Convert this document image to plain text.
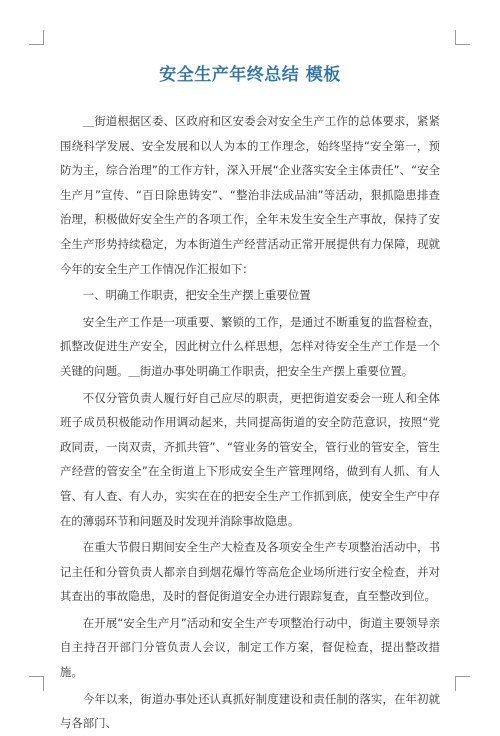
安全生产年终总结 模板

＿街道根据区委、区政府和区安委会对安全生产工作的总体要求，紧紧围绕科学发展、安全发展和以人为本的工作理念，始终坚持“安全第一，预防为主，综合治理”的工作方针，深入开展“企业落实安全主体责任”、“安全生产月”宣传、“百日除患铸安”、“整治非法成品油”等活动，狠抓隐患排查治理，积极做好安全生产的各项工作，全年未发生安全生产事故，保持了安全生产形势持续稳定，为本街道生产经营活动正常开展提供有力保障，现就今年的安全生产工作情况作汇报如下：

一、明确工作职责，把安全生产摆上重要位置

安全生产工作是一项重要、繁锁的工作，是通过不断重复的监督检查，抓整改促进生产安全，因此树立什么样思想，怎样对待安全生产工作是一个关键的问题。＿街道办事处明确工作职责，把安全生产摆上重要位置。

不仅分管负责人履行好自己应尽的职责，更把街道安委会一班人和全体班子成员积极能动作用调动起来，共同提高街道的安全防范意识，按照“党政同责，一岗双责，齐抓共管”、“管业务的管安全，管行业的管安全，管生产经营的管安全”在全街道上下形成安全生产管理网络，做到有人抓、有人管、有人查、有人办，实实在在的把安全生产工作抓到底，使安全生产中存在的薄弱环节和问题及时发现并消除事故隐患。

在重大节假日期间安全生产大检查及各项安全生产专项整治活动中，书记主任和分管负责人都亲自到烟花爆竹等高危企业场所进行安全检查，并对其查出的事故隐患，及时的督促街道安全办进行跟踪复查，直至整改到位。

在开展“安全生产月”活动和安全生产专项整治行动中，街道主要领导亲自主持召开部门分管负责人会议，制定工作方案，督促检查，提出整改措施。

今年以来，街道办事处还认真抓好制度建设和责任制的落实，在年初就与各部门、
